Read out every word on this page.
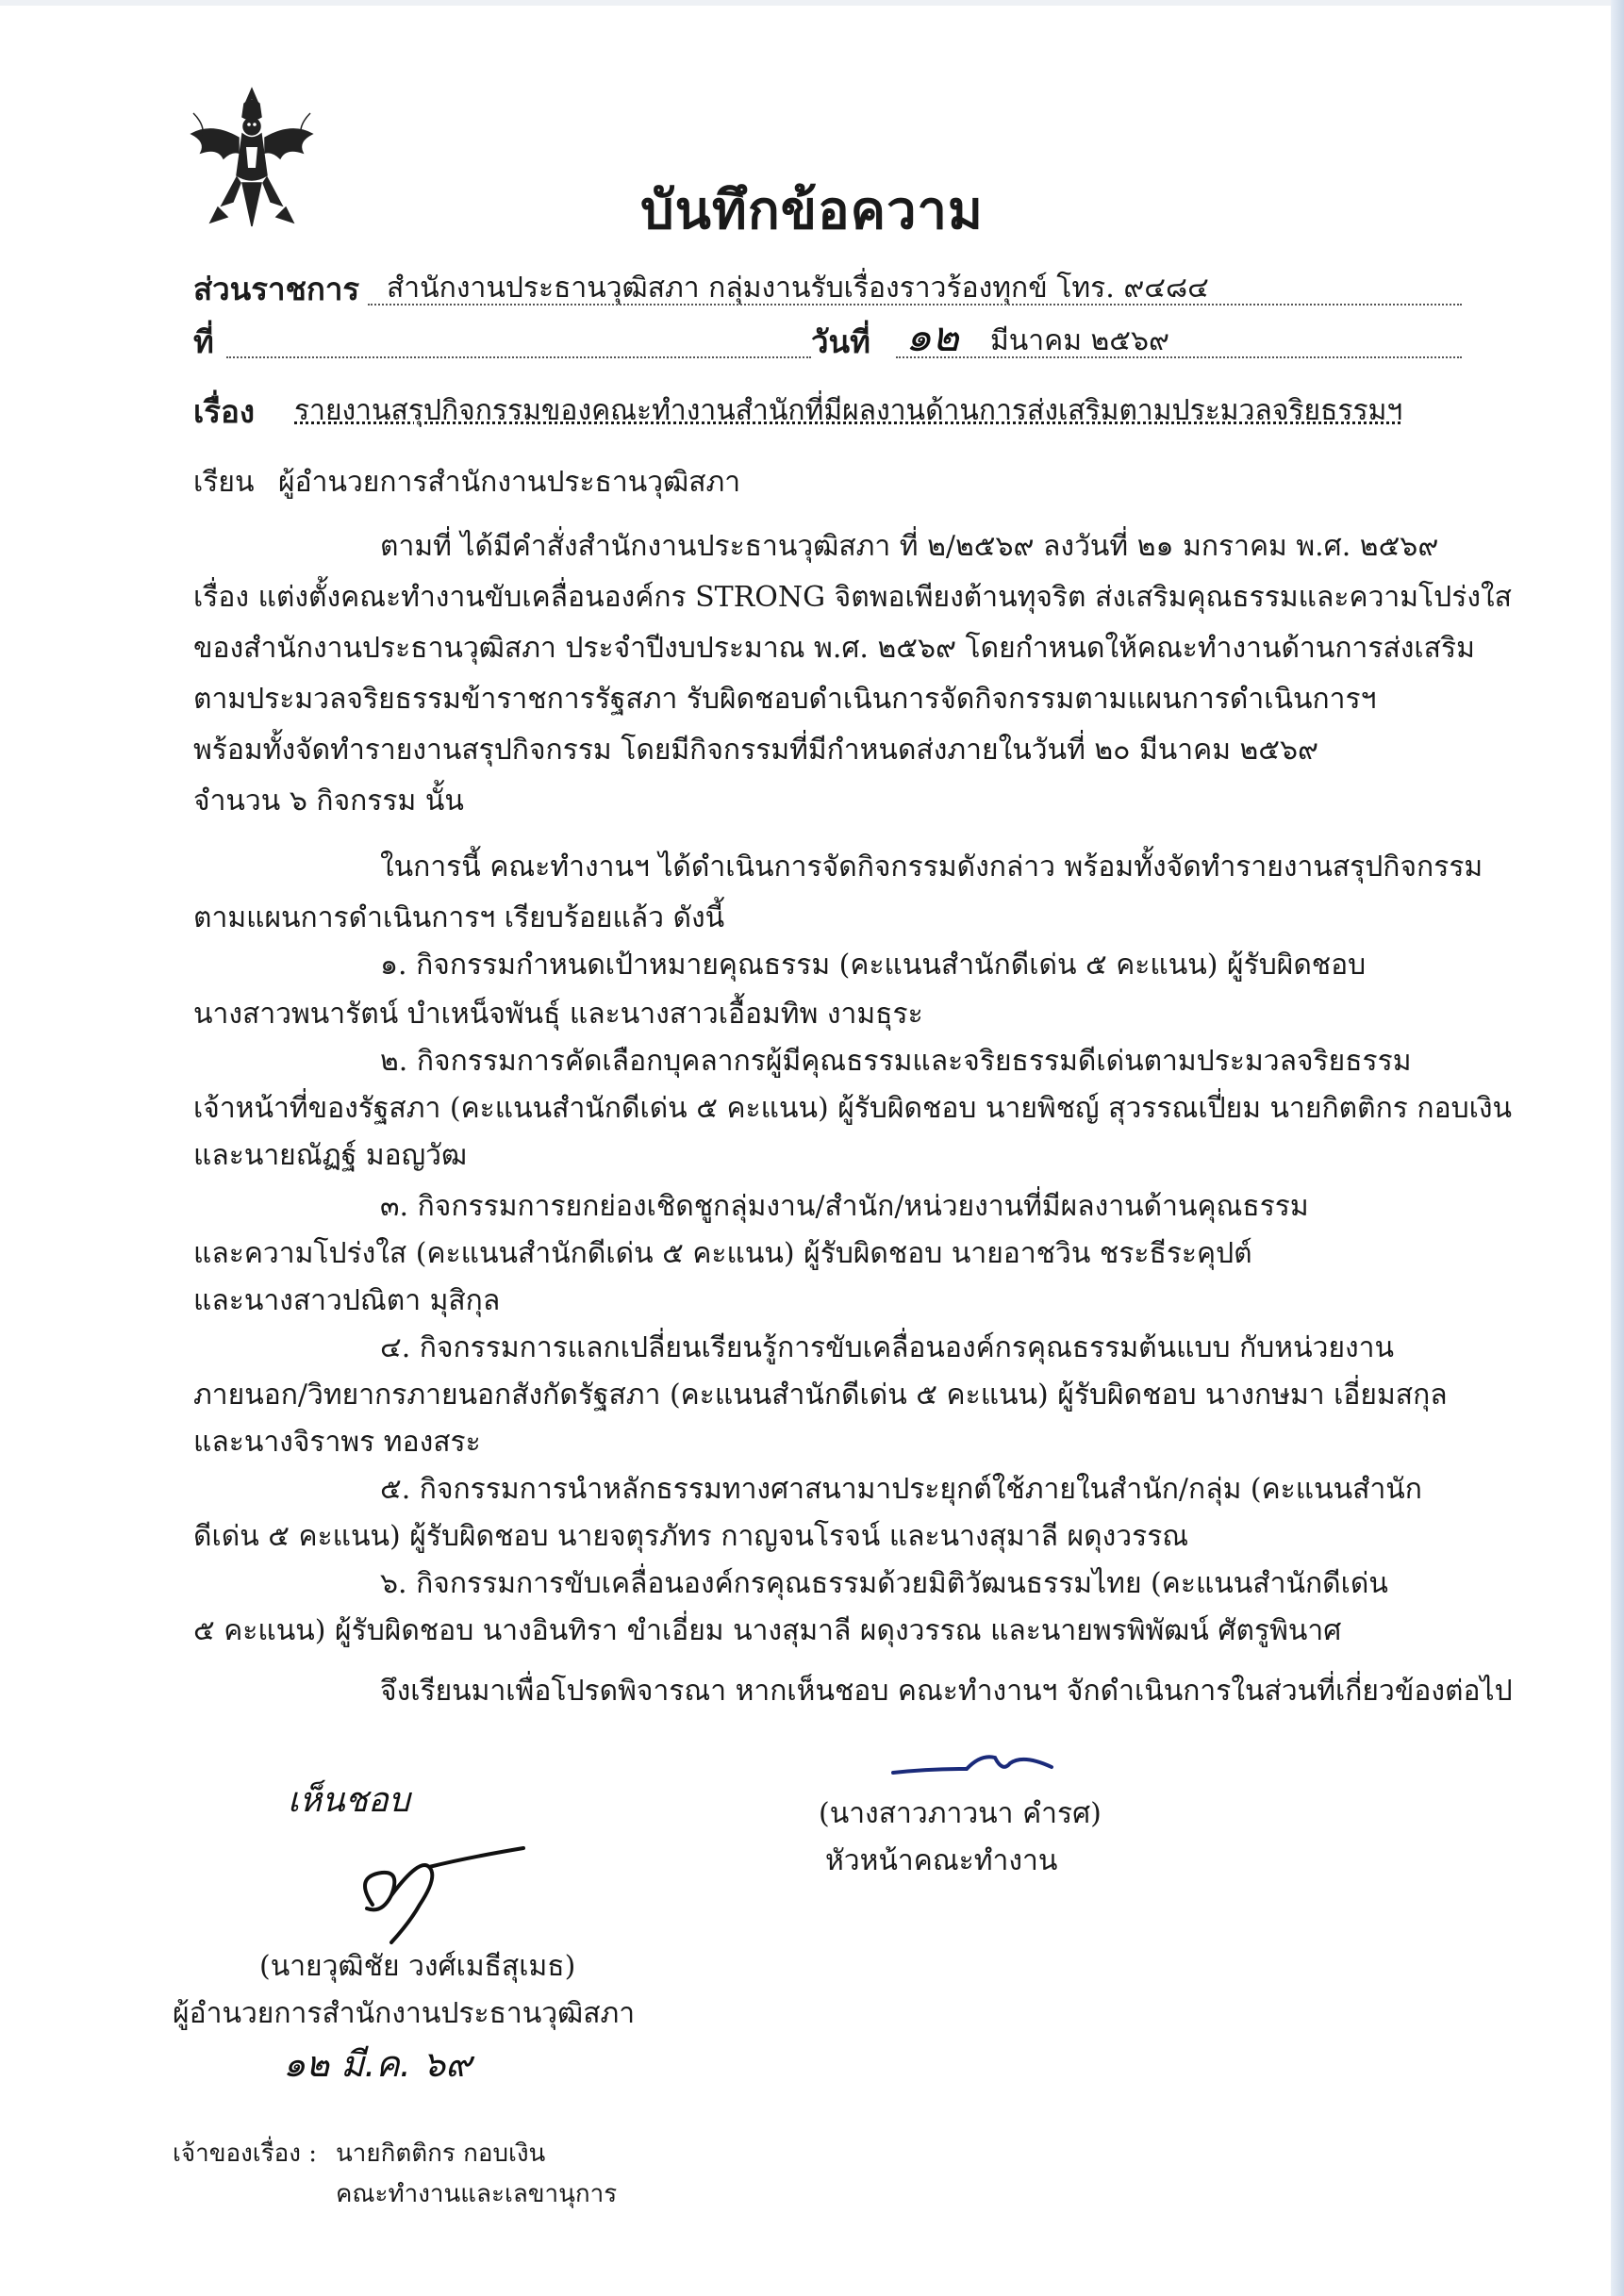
บันทึกข้อความ
ส่วนราชการ สำนักงานประธานวุฒิสภา กลุ่มงานรับเรื่องราวร้องทุกข์ โทร. ๙๔๘๔
ที่	วันที่ ๑๒ มีนาคม ๒๕๖๙
เรื่อง รายงานสรุปกิจกรรมของคณะทำงานสำนักที่มีผลงานด้านการส่งเสริมตามประมวลจริยธรรมฯ
เรียน ผู้อำนวยการสำนักงานประธานวุฒิสภา
ตามที่ ได้มีคำสั่งสำนักงานประธานวุฒิสภา ที่ ๒/๒๕๖๙ ลงวันที่ ๒๑ มกราคม พ.ศ. ๒๕๖๙
เรื่อง แต่งตั้งคณะทำงานขับเคลื่อนองค์กร STRONG จิตพอเพียงต้านทุจริต ส่งเสริมคุณธรรมและความโปร่งใส
ของสำนักงานประธานวุฒิสภา ประจำปีงบประมาณ พ.ศ. ๒๕๖๙ โดยกำหนดให้คณะทำงานด้านการส่งเสริม
ตามประมวลจริยธรรมข้าราชการรัฐสภา รับผิดชอบดำเนินการจัดกิจกรรมตามแผนการดำเนินการฯ
พร้อมทั้งจัดทำรายงานสรุปกิจกรรม โดยมีกิจกรรมที่มีกำหนดส่งภายในวันที่ ๒๐ มีนาคม ๒๕๖๙
จำนวน ๖ กิจกรรม นั้น
ในการนี้ คณะทำงานฯ ได้ดำเนินการจัดกิจกรรมดังกล่าว พร้อมทั้งจัดทำรายงานสรุปกิจกรรม
ตามแผนการดำเนินการฯ เรียบร้อยแล้ว ดังนี้
๑. กิจกรรมกำหนดเป้าหมายคุณธรรม (คะแนนสำนักดีเด่น ๕ คะแนน) ผู้รับผิดชอบ
นางสาวพนารัตน์ บำเหน็จพันธุ์ และนางสาวเอื้อมทิพ งามธุระ
๒. กิจกรรมการคัดเลือกบุคลากรผู้มีคุณธรรมและจริยธรรมดีเด่นตามประมวลจริยธรรม
เจ้าหน้าที่ของรัฐสภา (คะแนนสำนักดีเด่น ๕ คะแนน) ผู้รับผิดชอบ นายพิชญ์ สุวรรณเปี่ยม นายกิตติกร กอบเงิน
และนายณัฏฐ์ มอญวัฒ
๓. กิจกรรมการยกย่องเชิดชูกลุ่มงาน/สำนัก/หน่วยงานที่มีผลงานด้านคุณธรรม
และความโปร่งใส (คะแนนสำนักดีเด่น ๕ คะแนน) ผู้รับผิดชอบ นายอาชวิน ชระธีระคุปต์
และนางสาวปณิตา มุสิกุล
๔. กิจกรรมการแลกเปลี่ยนเรียนรู้การขับเคลื่อนองค์กรคุณธรรมต้นแบบ กับหน่วยงาน
ภายนอก/วิทยากรภายนอกสังกัดรัฐสภา (คะแนนสำนักดีเด่น ๕ คะแนน) ผู้รับผิดชอบ นางกษมา เอี่ยมสกุล
และนางจิราพร ทองสระ
๕. กิจกรรมการนำหลักธรรมทางศาสนามาประยุกต์ใช้ภายในสำนัก/กลุ่ม (คะแนนสำนัก
ดีเด่น ๕ คะแนน) ผู้รับผิดชอบ นายจตุรภัทร กาญจนโรจน์ และนางสุมาลี ผดุงวรรณ
๖. กิจกรรมการขับเคลื่อนองค์กรคุณธรรมด้วยมิติวัฒนธรรมไทย (คะแนนสำนักดีเด่น
๕ คะแนน) ผู้รับผิดชอบ นางอินทิรา ขำเอี่ยม นางสุมาลี ผดุงวรรณ และนายพรพิพัฒน์ ศัตรูพินาศ
จึงเรียนมาเพื่อโปรดพิจารณา หากเห็นชอบ คณะทำงานฯ จักดำเนินการในส่วนที่เกี่ยวข้องต่อไป
(นางสาวภาวนา คำรศ)
หัวหน้าคณะทำงาน
เห็นชอบ
(นายวุฒิชัย วงศ์เมธีสุเมธ)
ผู้อำนวยการสำนักงานประธานวุฒิสภา
๑๒ มี.ค. ๖๙
เจ้าของเรื่อง : นายกิตติกร กอบเงิน
คณะทำงานและเลขานุการ
